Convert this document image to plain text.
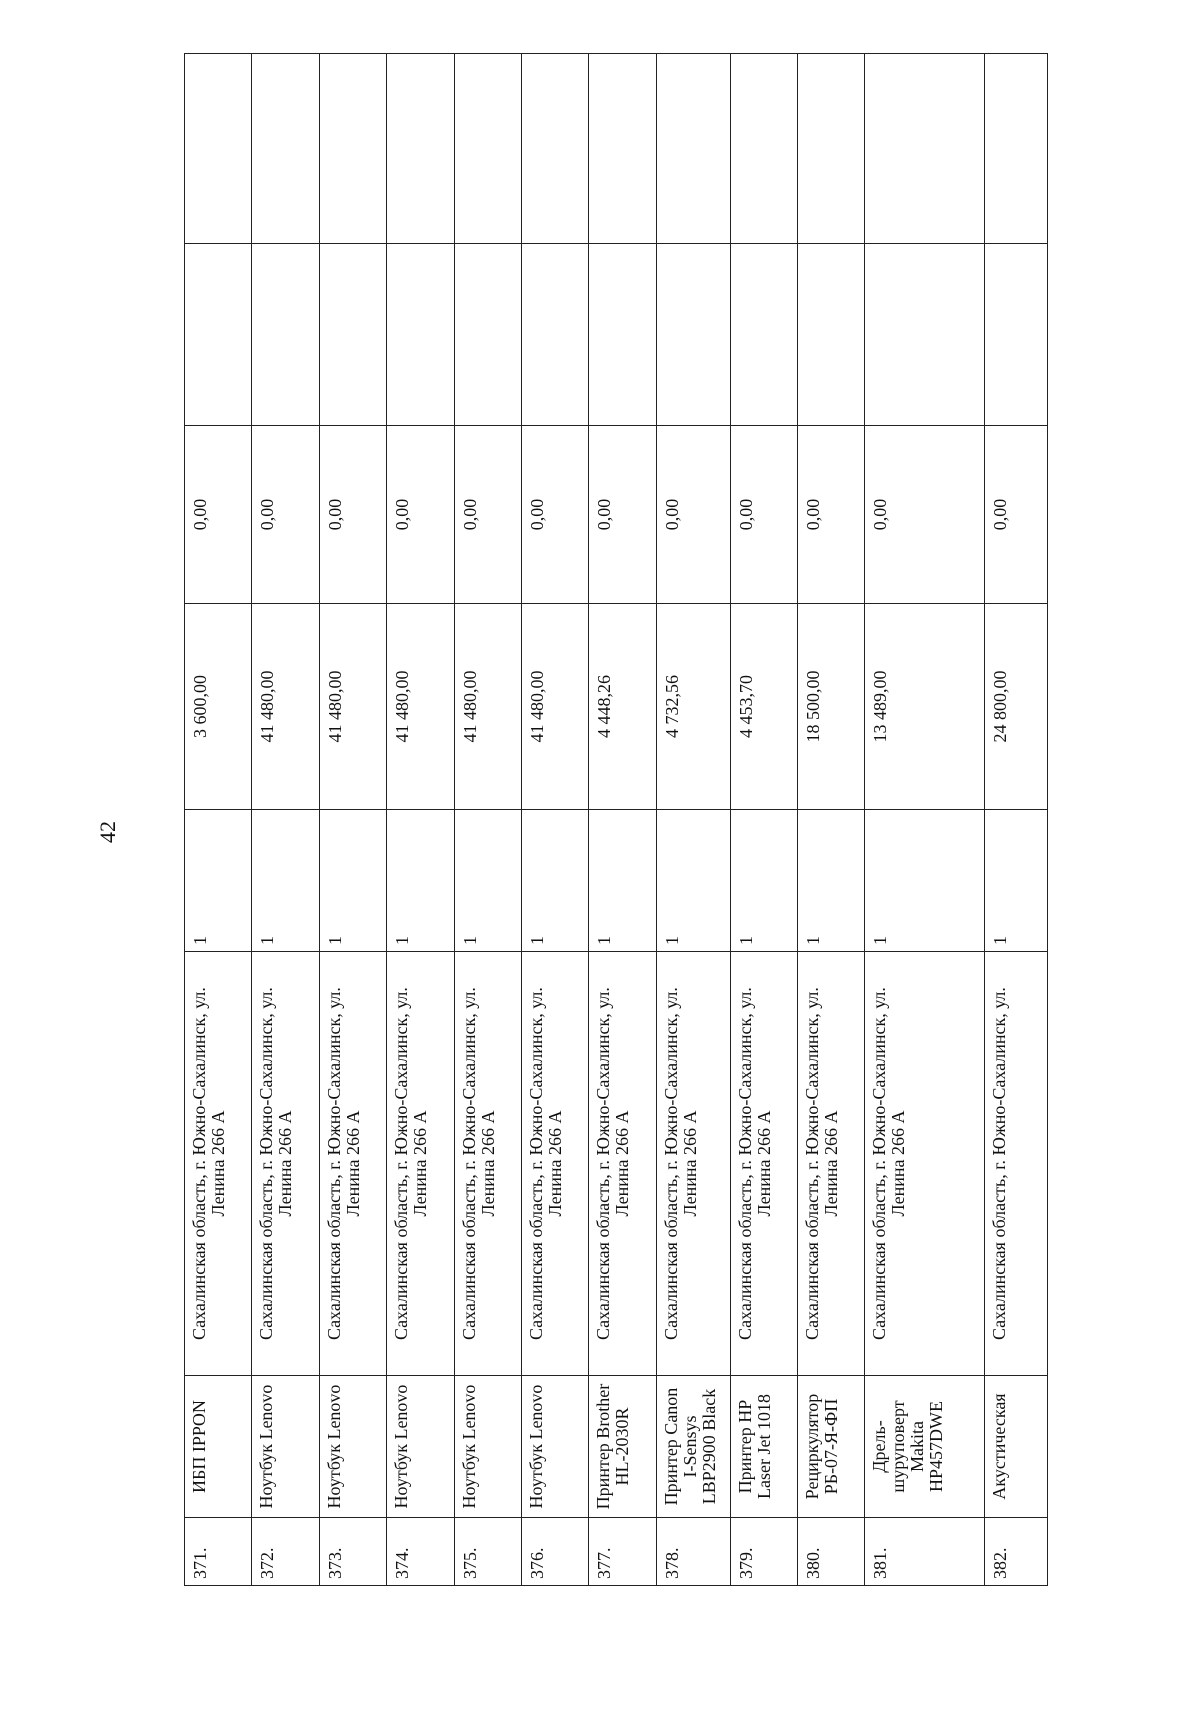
42
371.	ИБП IPPON	Сахалинская область, г. Южно-Сахалинск, ул. Ленина 266 А	1	3 600,00	0,00		
372.	Ноутбук Lenovo	Сахалинская область, г. Южно-Сахалинск, ул. Ленина 266 А	1	41 480,00	0,00		
373.	Ноутбук Lenovo	Сахалинская область, г. Южно-Сахалинск, ул. Ленина 266 А	1	41 480,00	0,00		
374.	Ноутбук Lenovo	Сахалинская область, г. Южно-Сахалинск, ул. Ленина 266 А	1	41 480,00	0,00		
375.	Ноутбук Lenovo	Сахалинская область, г. Южно-Сахалинск, ул. Ленина 266 А	1	41 480,00	0,00		
376.	Ноутбук Lenovo	Сахалинская область, г. Южно-Сахалинск, ул. Ленина 266 А	1	41 480,00	0,00		
377.	Принтер Brother HL-2030R	Сахалинская область, г. Южно-Сахалинск, ул. Ленина 266 А	1	4 448,26	0,00		
378.	Принтер Canon I-Sensys LBP2900 Black	Сахалинская область, г. Южно-Сахалинск, ул. Ленина 266 А	1	4 732,56	0,00		
379.	Принтер HP Laser Jet 1018	Сахалинская область, г. Южно-Сахалинск, ул. Ленина 266 А	1	4 453,70	0,00		
380.	Рециркулятор РБ-07-Я-ФП	Сахалинская область, г. Южно-Сахалинск, ул. Ленина 266 А	1	18 500,00	0,00		
381.	Дрель-шуруповерт Makita HP457DWE	Сахалинская область, г. Южно-Сахалинск, ул. Ленина 266 А	1	13 489,00	0,00		
382.	Акустическая	Сахалинская область, г. Южно-Сахалинск, ул.	1	24 800,00	0,00		
